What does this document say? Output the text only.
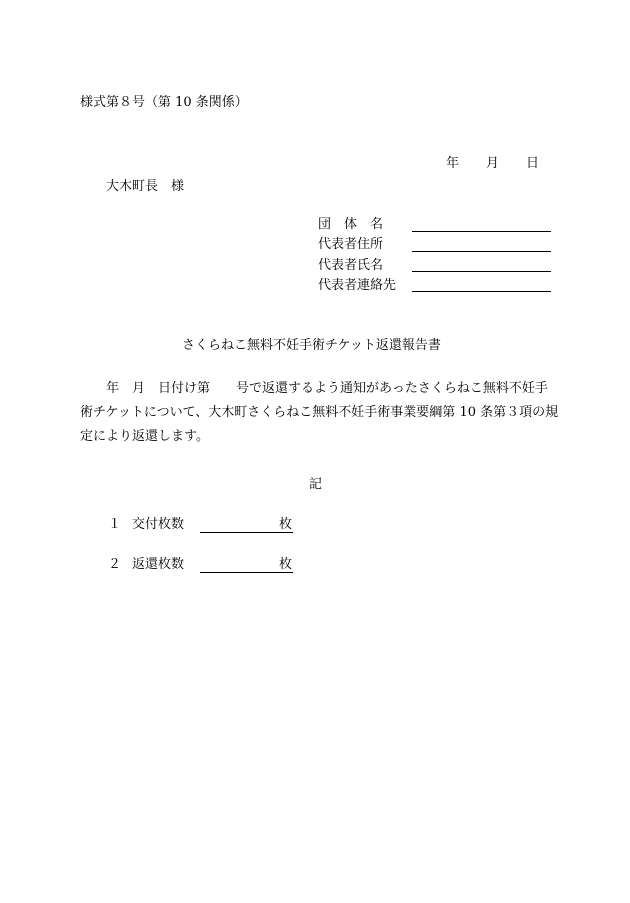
様式第８号（第 10 条関係）
年 月 日
大木町長　様
団　体　名
代表者住所
代表者氏名
代表者連絡先
さくらねこ無料不妊手術チケット返還報告書
　　年　月　日付け第　　号で返還するよう通知があったさくらねこ無料不妊手術チケットについて、大木町さくらねこ無料不妊手術事業要綱第 10 条第３項の規定により返還します。
記
１ 交付枚数	枚
２ 返還枚数	枚
